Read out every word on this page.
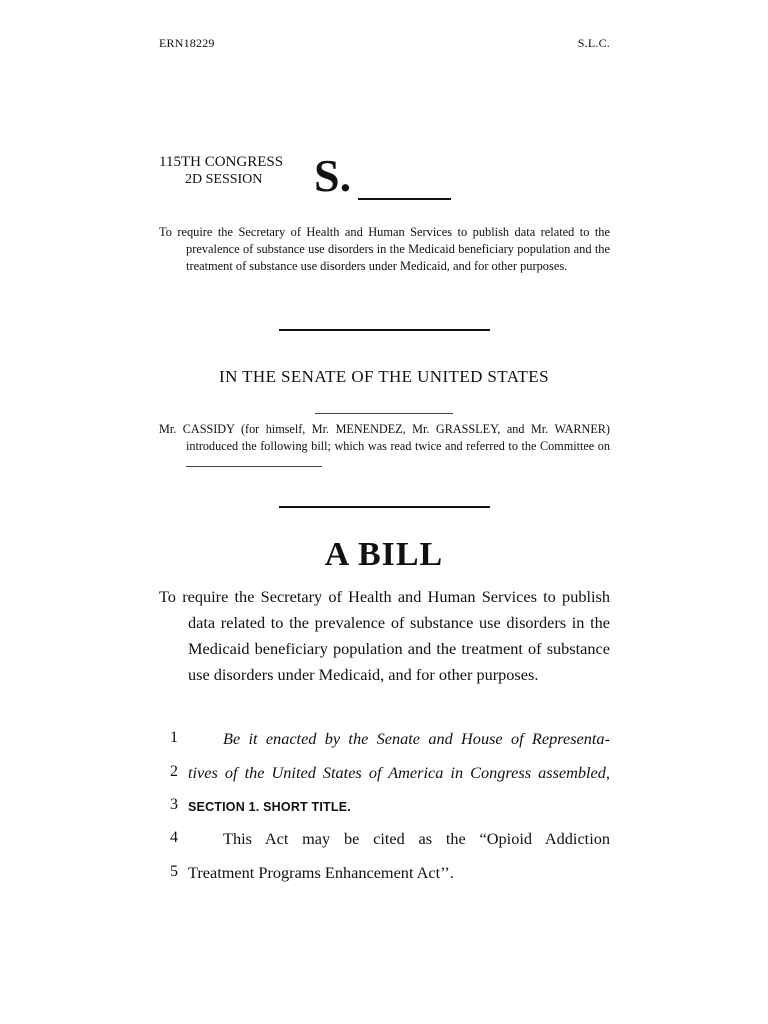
ERN18229	S.L.C.
115TH CONGRESS
2D SESSION S.
To require the Secretary of Health and Human Services to publish data related to the prevalence of substance use disorders in the Medicaid beneficiary population and the treatment of substance use disorders under Medicaid, and for other purposes.
IN THE SENATE OF THE UNITED STATES
Mr. CASSIDY (for himself, Mr. MENENDEZ, Mr. GRASSLEY, and Mr. WARNER) introduced the following bill; which was read twice and referred to the Committee on
A BILL
To require the Secretary of Health and Human Services to publish data related to the prevalence of substance use disorders in the Medicaid beneficiary population and the treatment of substance use disorders under Medicaid, and for other purposes.
1	Be it enacted by the Senate and House of Representa-
2 tives of the United States of America in Congress assembled,
3 SECTION 1. SHORT TITLE.
4	This Act may be cited as the “Opioid Addiction
5 Treatment Programs Enhancement Act’’.
